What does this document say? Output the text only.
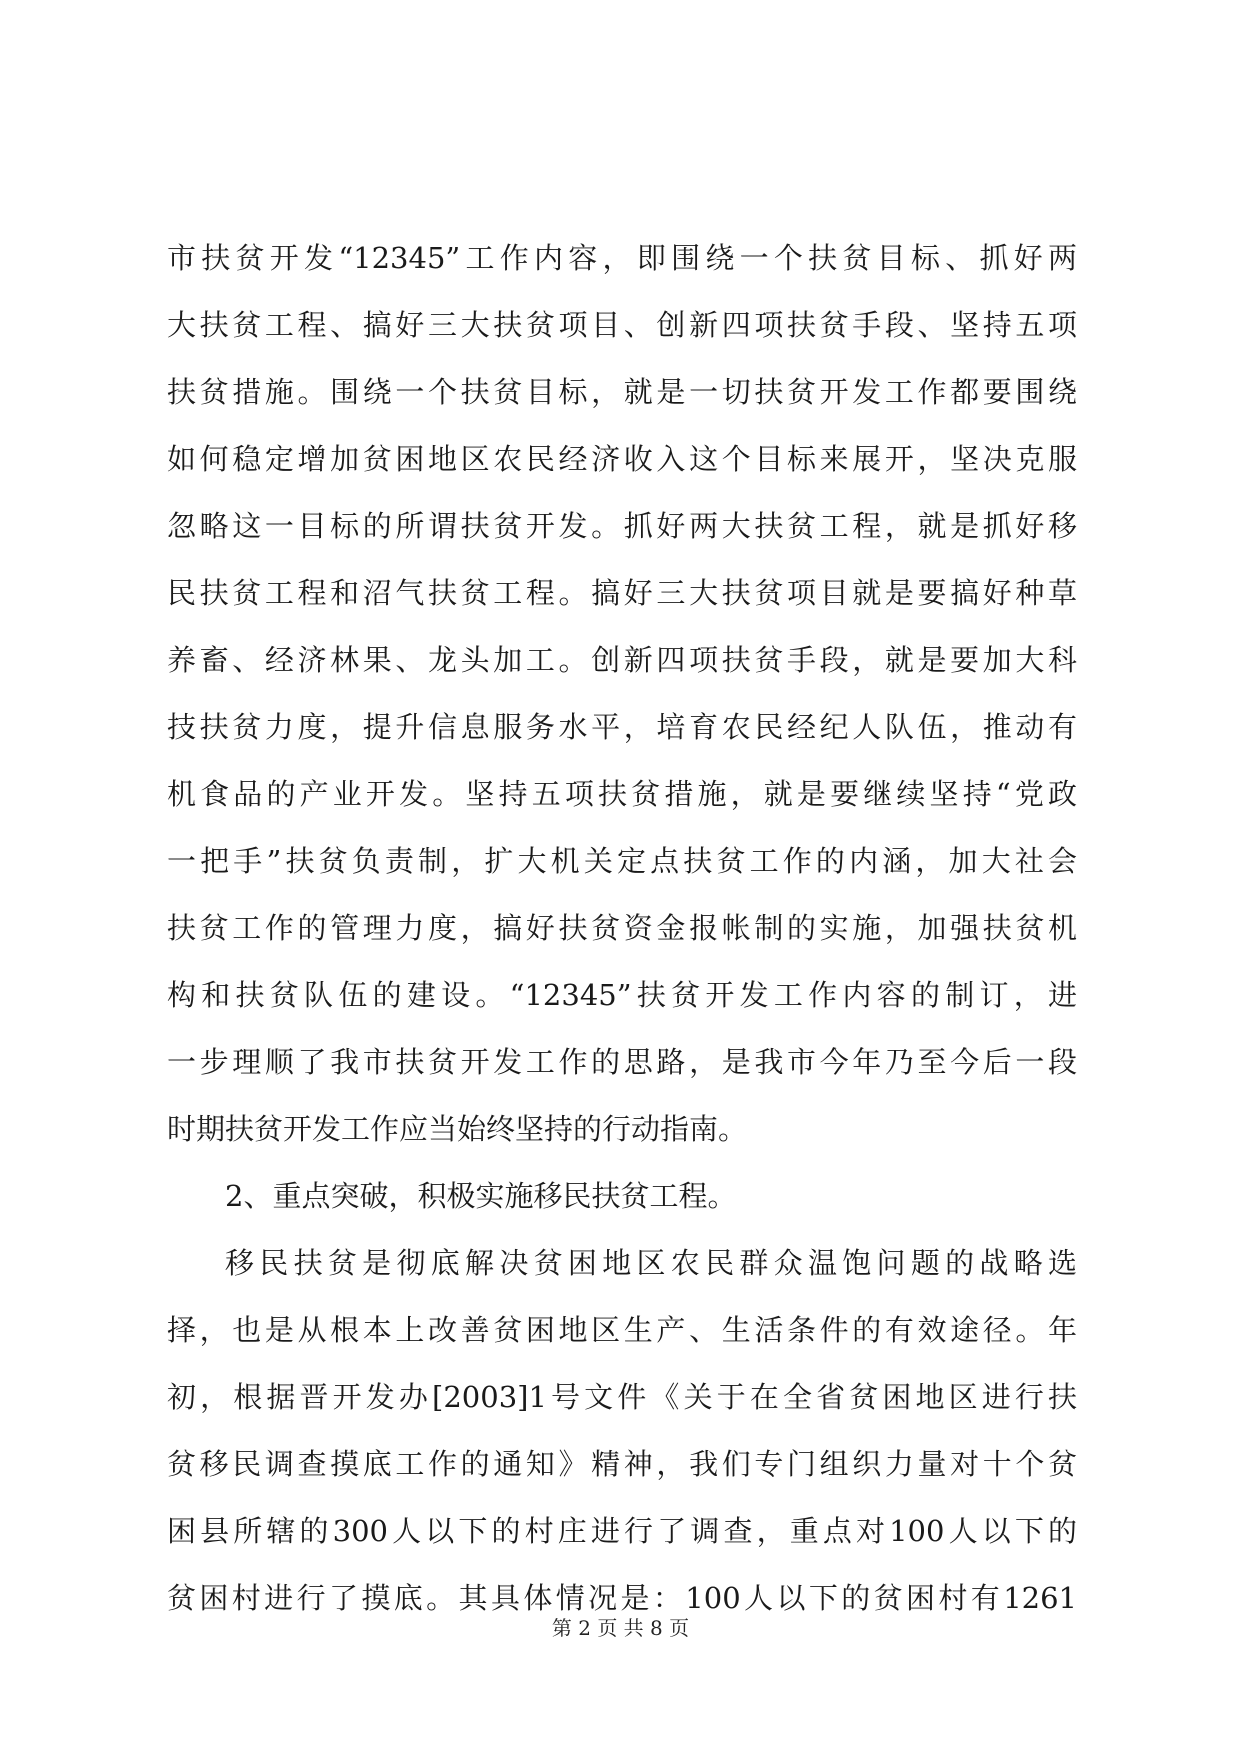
市扶贫开发“12345”工作内容，即围绕一个扶贫目标、抓好两
大扶贫工程、搞好三大扶贫项目、创新四项扶贫手段、坚持五项
扶贫措施。围绕一个扶贫目标，就是一切扶贫开发工作都要围绕
如何稳定增加贫困地区农民经济收入这个目标来展开，坚决克服
忽略这一目标的所谓扶贫开发。抓好两大扶贫工程，就是抓好移
民扶贫工程和沼气扶贫工程。搞好三大扶贫项目就是要搞好种草
养畜、经济林果、龙头加工。创新四项扶贫手段，就是要加大科
技扶贫力度，提升信息服务水平，培育农民经纪人队伍，推动有
机食品的产业开发。坚持五项扶贫措施，就是要继续坚持“党政
一把手”扶贫负责制，扩大机关定点扶贫工作的内涵，加大社会
扶贫工作的管理力度，搞好扶贫资金报帐制的实施，加强扶贫机
构和扶贫队伍的建设。“12345”扶贫开发工作内容的制订，进
一步理顺了我市扶贫开发工作的思路，是我市今年乃至今后一段
时期扶贫开发工作应当始终坚持的行动指南。
2、重点突破，积极实施移民扶贫工程。
移民扶贫是彻底解决贫困地区农民群众温饱问题的战略选
择，也是从根本上改善贫困地区生产、生活条件的有效途径。年
初，根据晋开发办[2003]1号文件《关于在全省贫困地区进行扶
贫移民调查摸底工作的通知》精神，我们专门组织力量对十个贫
困县所辖的300人以下的村庄进行了调查，重点对100人以下的
贫困村进行了摸底。其具体情况是：100人以下的贫困村有1261
第 2 页 共 8 页
